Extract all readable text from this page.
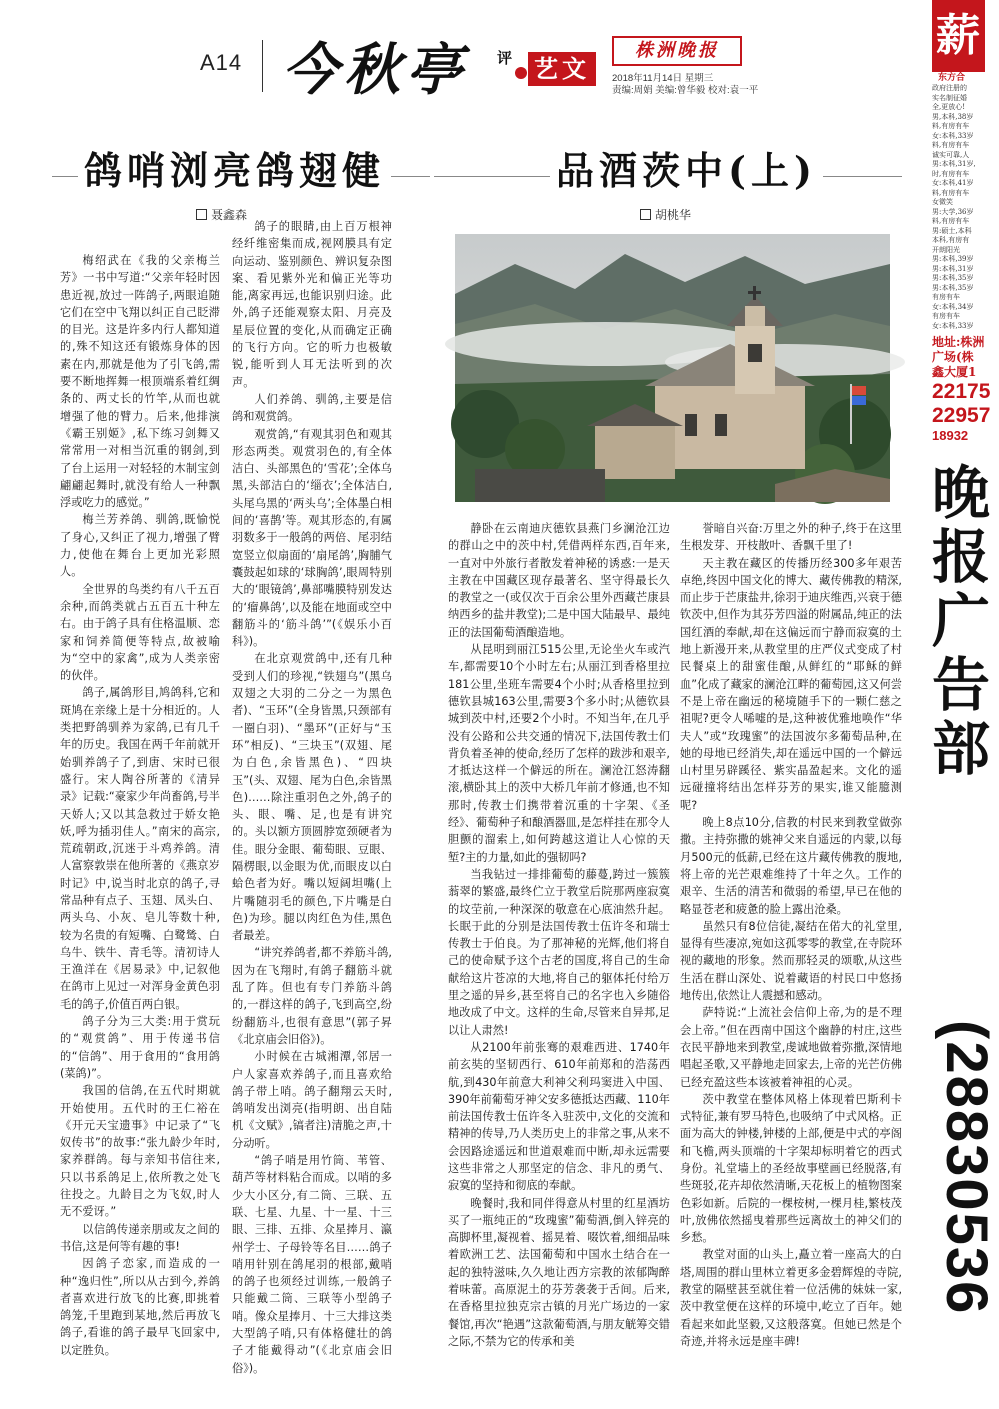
A14 今秋亭 评 艺文
株洲晚报
2018年11月14日 星期三
责编:周娟 美编:曾华毅 校对:袁一平
鸽哨浏亮鸽翅健
聂鑫森

梅绍武在《我的父亲梅兰芳》一书中写道:“父亲年轻时因患近视,放过一阵鸽子,两眼追随它们在空中飞翔以纠正自己眨滞的目光。这是许多内行人都知道的,殊不知这还有锻炼身体的因素在内,那就是他为了引飞鸽,需要不断地挥舞一根顶端系着红绸条的、两丈长的竹竿,从而也就增强了他的臂力。后来,他排演《霸王别姬》,私下练习剑舞又常常用一对相当沉重的钢剑,到了台上运用一对轻轻的木制宝剑翩翩起舞时,就没有给人一种飘浮或吃力的感觉。”

梅兰芳养鸽、驯鸽,既愉悦了身心,又纠正了视力,增强了臂力,使他在舞台上更加光彩照人。

全世界的鸟类约有八千五百余种,而鸽类就占五百五十种左右。由于鸽子具有住格温顺、恋家和饲养简便等特点,故被喻为“空中的家禽”,成为人类亲密的伙伴。

鸽子,属鸽形目,鸠鸽科,它和斑鸠在亲缘上是十分相近的。人类把野鸽驯养为家鸽,已有几千年的历史。我国在两千年前就开始驯养鸽子了,到唐、宋时已很盛行。宋人陶谷所著的《清异录》记载:“豪家少年尚畜鸽,号半天娇人;又以其急救过于娇女艳妖,呼为插羽佳人。”南宋的高宗,荒疏朝政,沉迷于斗鸡养鸽。清人富察敦崇在他所著的《燕京岁时记》中,说当时北京的鸽子,寻常品种有点子、玉翅、凤头白、两头乌、小灰、皂儿等数十种,较为名贵的有短嘴、白鹭鸶、白乌牛、铁牛、青毛等。清初诗人王渔洋在《居易录》中,记叙他在鸽市上见过一对浑身金黄色羽毛的鸽子,价值百两白银。

鸽子分为三大类:用于赏玩的“观赏鸽”、用于传递书信的“信鸽”、用于食用的“食用鸽(菜鸽)”。

我国的信鸽,在五代时期就开始使用。五代时的王仁裕在《开元天宝遗事》中记录了“飞奴传书”的故事:“张九龄少年时,家养群鸽。每与亲知书信往来,只以书系鸽足上,依所教之处飞往投之。九龄目之为飞奴,时人无不爱讶。”

以信鸽传递亲朋或友之间的书信,这是何等有趣的事!

因鸽子恋家,而造成的一种“逸归性”,所以从古到今,养鸽者喜欢进行放飞的比赛,即挑着鸽笼,千里跑到某地,然后再放飞鸽子,看谁的鸽子最早飞回家中,以定胜负。

鸽子的眼睛,由上百万根神经纤维密集而成,视网膜具有定向运动、鉴别颜色、辨识复杂图案、看见紫外光和偏正光等功能,离家再远,也能识别归途。此外,鸽子还能观察太阳、月亮及星辰位置的变化,从而确定正确的飞行方向。它的听力也极敏锐,能听到人耳无法听到的次声。

人们养鸽、驯鸽,主要是信鸽和观赏鸽。

观赏鸽,“有观其羽色和观其形态两类。观赏羽色的,有全体洁白、头部黑色的‘雪花’;全体乌黑,头部洁白的‘缁衣’;全体洁白,头尾乌黑的‘两头乌’;全体墨白相间的‘喜鹊’等。观其形态的,有属羽数多于一般鸽的两倍、尾羽结宽竖立似扇面的‘扇尾鸽’,胸脯气囊鼓起如球的‘球胸鸽’,眼周特别大的‘眼镜鸽’,鼻部嘴膜特别发达的‘瘤鼻鸽’,以及能在地面或空中翻筋斗的‘筋斗鸽’”(《娱乐小百科》)。

在北京观赏鸽中,还有几种受到人们的珍视,“铁翅乌”(黑乌双翅之大羽的二分之一为黑色者)、“玉环”(全身皆黑,只颈部有一圈白羽)、“墨环”(正好与“玉环”相反)、“三块玉”(双翅、尾为白色,余皆黑色)、“四块玉”(头、双翅、尾为白色,余皆黑色)……除注重羽色之外,鸽子的头、眼、嘴、足,也是有讲究的。头以额方顶圆脖宽颈硬者为佳。眼分金眼、葡萄眼、豆眼、隔楞眼,以金眼为优,而眼皮以白蛤色者为好。嘴以短阔坦嘴(上片嘴随羽毛的颜色,下片嘴是白色)为珍。腿以肉红色为佳,黑色者最差。

“讲究养鸽者,都不养筋斗鸽,因为在飞翔时,有鸽子翻筋斗就乱了阵。但也有专门养筋斗鸽的,一群这样的鸽子,飞到高空,纷纷翻筋斗,也很有意思”(郭子昇《北京庙会旧俗》)。

小时候在古城湘潭,邻居一户人家喜欢养鸽子,而且喜欢给鸽子带上哨。鸽子翻翔云天时,鸽哨发出浏亮(指明朗、出自陆机《文赋》,镐者注)清脆之声,十分动听。

“鸽子哨是用竹筒、苇管、葫芦等材料粘合而成。以哨的多少大小区分,有二筒、三联、五联、七星、九星、十一星、十三眼、三排、五排、众星捧月、瀛州学士、子母铃等名目……鸽子哨用针别在鸽尾羽的根部,戴哨的鸽子也须经过训练,一般鸽子只能戴二筒、三联等小型鸽子哨。像众星捧月、十三大排这类大型鸽子哨,只有体格健壮的鸽子才能戴得动”(《北京庙会旧俗》)。

品酒茨中(上)
胡桃华

静卧在云南迪庆德钦县燕门乡澜沧江边的群山之中的茨中村,凭借两样东西,百年来,一直对中外旅行者散发着神秘的诱惑:一是天主教在中国藏区现存最著名、坚守得最长久的教堂之一(或仅次于百余公里外西藏芒康县纳西乡的盐井教堂);二是中国大陆最早、最纯正的法国葡萄酒酿造地。

从昆明到丽江515公里,无论坐火车或汽车,都需要10个小时左右;从丽江到香格里拉181公里,坐班车需要4个小时;从香格里拉到德钦县城163公里,需要3个多小时;从德钦县城到茨中村,还要2个小时。不知当年,在几乎没有公路和公共交通的情况下,法国传教士们背负着圣神的使命,经历了怎样的跋涉和艰辛,才抵达这样一个僻远的所在。澜沧江怒涛翻滚,横卧其上的茨中大桥几年前才修通,也不知那时,传教士们携带着沉重的十字架、《圣经》、葡萄种子和酿酒器皿,是怎样挂在那令人胆颤的溜索上,如何跨越这道让人心惊的天堑?主的力量,如此的强韧吗?

当我钻过一排排葡萄的藤蔓,跨过一簇簇蓊翠的繁盛,最终伫立于教堂后院那两座寂寞的坟茔前,一种深深的敬意在心底油然升起。长眠于此的分别是法国传教士伍许冬和瑞士传教士于伯良。为了那神秘的光辉,他们将自己的使命赋予这个古老的国度,将自己的生命献给这片苍凉的大地,将自己的躯体托付给万里之遥的异乡,甚至将自己的名字也入乡随俗地改成了中文。这样的生命,尽管来自异邦,足以让人肃然!

从2100年前张骞的艰难西进、1740年前玄奘的坚韧西行、610年前郑和的浩荡西航,到430年前意大利神父利玛窦进入中国、390年前葡萄牙神父安多德抵达西藏、110年前法国传教士伍许冬入驻茨中,文化的交流和精神的传导,乃人类历史上的非常之事,从来不会因路途遥远和世道艰难而中断,却永远需要这些非常之人那坚定的信念、非凡的勇气、寂寞的坚持和彻底的奉献。

晚餐时,我和同伴得意从村里的红星酒坊买了一瓶纯正的“玫瑰蜜”葡萄酒,倒入锌亮的高脚杯里,凝视着、摇晃着、啜饮着,细细品味着欧洲工艺、法国葡萄和中国水土结合在一起的独特滋味,久久地让西方宗教的浓郁陶醉着味蕾。高原泥土的芬芳袭袭于舌间。后来,在香格里拉独克宗古镇的月光广场边的一家餐馆,再次“艳遇”这款葡萄酒,与朋友觥筹交错之际,不禁为它的传承和美

誉暗自兴奋:万里之外的种子,终于在这里生根发芽、开枝散叶、香飘千里了!

天主教在藏区的传播历经300多年艰苦卓绝,终因中国文化的博大、藏传佛教的精深,而止步于芒康盐井,徐羽于迪庆维西,兴衰于德钦茨中,但作为其芬芳四溢的附属品,纯正的法国红酒的奉献,却在这偏远而宁静而寂寞的土地上新漫开来,从教堂里的庄严仪式变成了村民餐桌上的甜蜜佳酿,从鲜红的“耶稣的鲜血”化成了藏家的澜沧江畔的葡萄园,这又何尝不是上帝在幽远的秘境随手下的一颗仁慈之祖呢?更令人唏嘘的是,这种被优雅地唤作“华夫人”或“玫瑰蜜”的法国波尔多葡萄品种,在她的母地已经消失,却在遥远中国的一个僻远山村里另辟蹊径、紫实晶盈起来。文化的遥远碰撞将结出怎样芬芳的果实,谁又能臆测呢?

晚上8点10分,信教的村民来到教堂做弥撒。主持弥撒的姚神父来自遥远的内蒙,以每月500元的低薪,已经在这片藏传佛教的腹地,将上帝的光芒艰难维持了十年之久。工作的艰辛、生活的清苦和微弱的希望,早已在他的略显苍老和疲惫的脸上露出沧桑。

虽然只有8位信徒,凝结在偌大的礼堂里,显得有些凄凉,宛如这孤零零的教堂,在寺院环视的藏地的形象。然而那轻灵的颂歌,从这些生活在群山深处、说着藏语的村民口中悠扬地传出,依然让人震撼和感动。

萨特说:“上流社会信仰上帝,为的是不理会上帝。”但在西南中国这个幽静的村庄,这些衣民平静地来到教堂,虔诚地做着弥撒,深情地唱起圣歌,又平静地走回家去,上帝的光芒仿佛已经充盈这些本该被着神祖的心灵。

茨中教堂在整体风格上体现着巴斯利卡式特征,兼有罗马特色,也吸纳了中式风格。正面为高大的钟楼,钟楼的上部,便是中式的亭阁和飞檐,两头顶端的十字架却标明着它的西式身份。礼堂墙上的圣经故事壁画已经脱落,有些斑驳,花卉却依然清晰,天花板上的植物图案色彩如新。后院的一棵桉树,一棵月桂,繁枝茂叶,放佛依然摇曳着那些远离故土的神父们的乡愁。

教堂对面的山头上,矗立着一座高大的白塔,周围的群山里林立着更多金碧辉煌的寺院,教堂的隔壁甚至就住着一位活佛的妹妹一家,茨中教堂便在这样的环境中,屹立了百年。她看起来如此坚毅,又这般落寞。但她已然是个奇迹,并将永远是座丰碑!

薪
东方合
政府注册的
实名制征婚
全,更放心!
男,本科,38岁
料,有房有车
女:本科,33岁
料,有房有车
诚实可靠,人
男:本科,31岁,
时,有房有车
女:本科,41岁
料,有房有车
女微笑
男:大学,36岁
料,有房有车
男:硕士,本科
本科,有房有
开朗阳光
男:本科,39岁
男:本科,31岁
男:本科,35岁
男:本科,35岁
有房有车
女:本科,34岁
有房有车
女:本科,33岁
地址:株洲
广场(株
鑫大厦1
22175
22957
18932
晚
报
广
告
部
(28830536
